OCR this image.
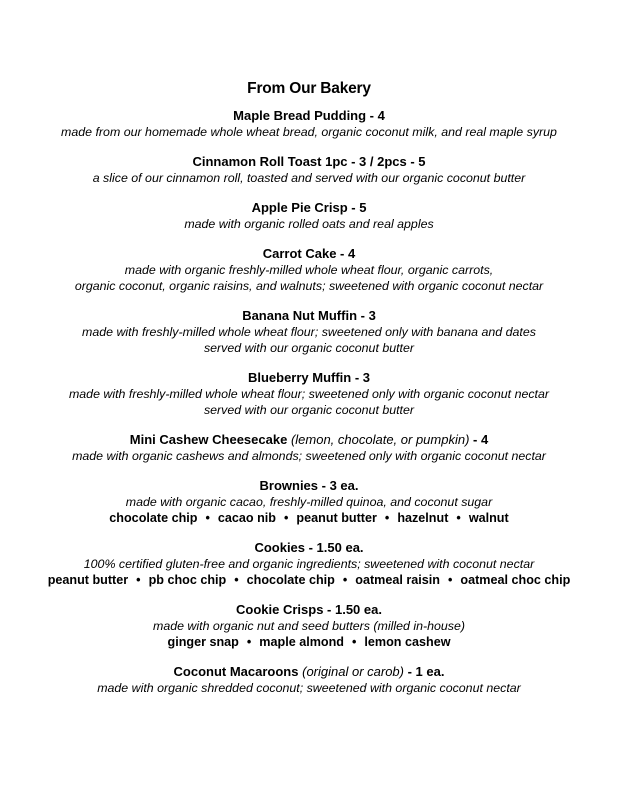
From Our Bakery
Maple Bread Pudding - 4
made from our homemade whole wheat bread, organic coconut milk, and real maple syrup
Cinnamon Roll Toast 1pc - 3 / 2pcs - 5
a slice of our cinnamon roll, toasted and served with our organic coconut butter
Apple Pie Crisp - 5
made with organic rolled oats and real apples
Carrot Cake - 4
made with organic freshly-milled whole wheat flour, organic carrots,
organic coconut, organic raisins, and walnuts; sweetened with organic coconut nectar
Banana Nut Muffin - 3
made with freshly-milled whole wheat flour; sweetened only with banana and dates
served with our organic coconut butter
Blueberry Muffin - 3
made with freshly-milled whole wheat flour; sweetened only with organic coconut nectar
served with our organic coconut butter
Mini Cashew Cheesecake (lemon, chocolate, or pumpkin) - 4
made with organic cashews and almonds; sweetened only with organic coconut nectar
Brownies - 3 ea.
made with organic cacao, freshly-milled quinoa, and coconut sugar
chocolate chip • cacao nib • peanut butter • hazelnut • walnut
Cookies - 1.50 ea.
100% certified gluten-free and organic ingredients; sweetened with coconut nectar
peanut butter • pb choc chip • chocolate chip • oatmeal raisin • oatmeal choc chip
Cookie Crisps - 1.50 ea.
made with organic nut and seed butters (milled in-house)
ginger snap • maple almond • lemon cashew
Coconut Macaroons (original or carob) - 1 ea.
made with organic shredded coconut; sweetened with organic coconut nectar
